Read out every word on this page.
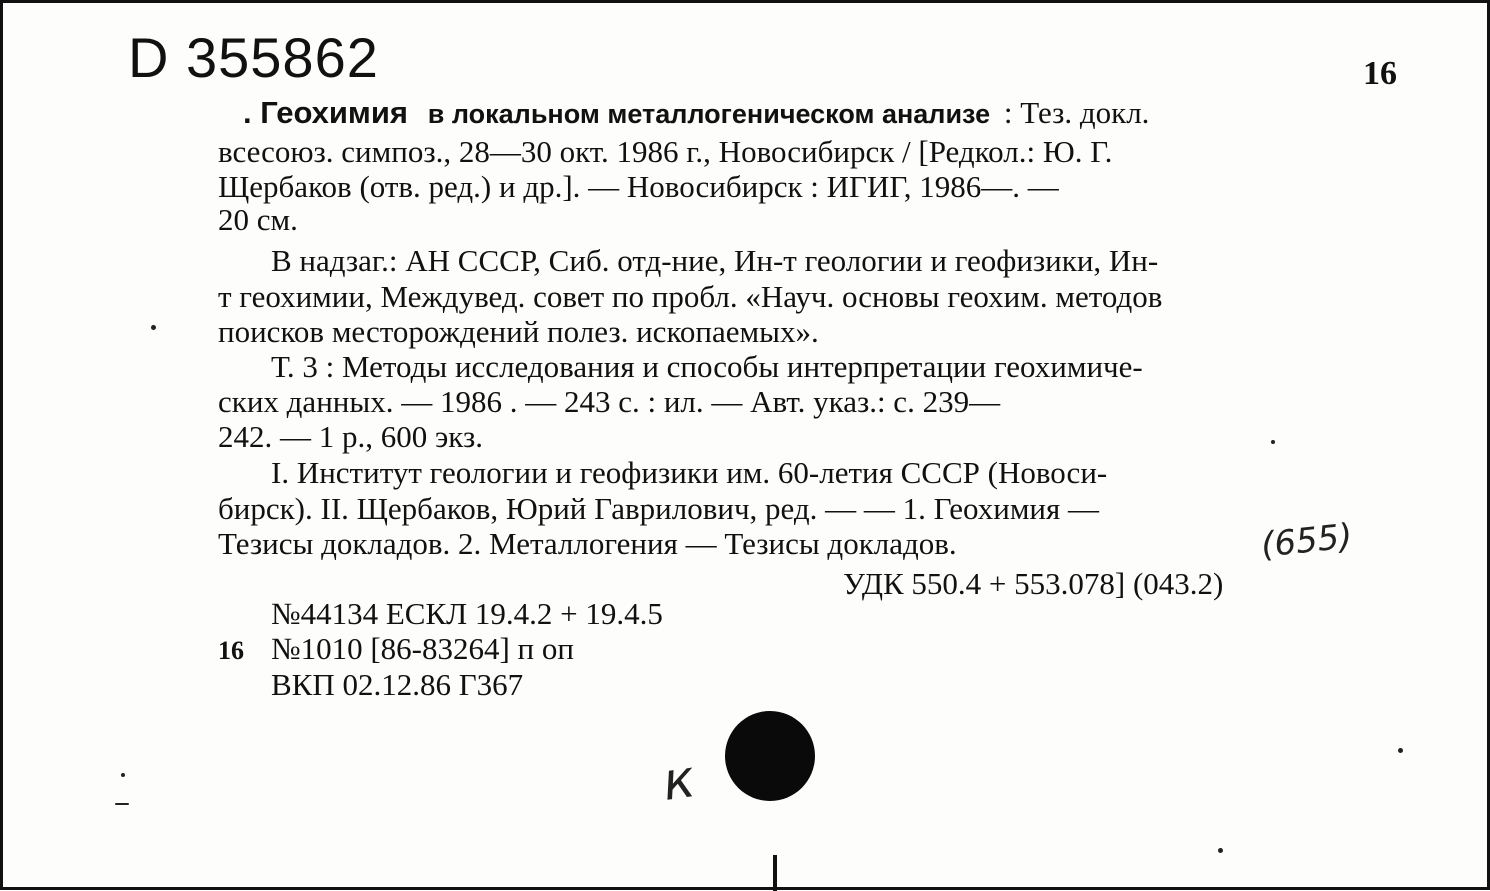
D 355862	16
. Геохимия в локальном металлогеническом анализе : Тез. докл.
всесоюз. симпоз., 28—30 окт. 1986 г., Новосибирск / [Редкол.: Ю. Г.
Щербаков (отв. ред.) и др.]. — Новосибирск : ИГИГ, 1986—. —
20 см.
В надзаг.: АН СССР, Сиб. отд-ние, Ин-т геологии и геофизики, Ин-
т геохимии, Междувед. совет по пробл. «Науч. основы геохим. методов
поисков месторождений полез. ископаемых».
Т. 3 : Методы исследования и способы интерпретации геохимиче-
ских данных. — 1986 . — 243 с. : ил. — Авт. указ.: с. 239—
242. — 1 р., 600 экз.
I. Институт геологии и геофизики им. 60-летия СССР (Новоси-
бирск). II. Щербаков, Юрий Гаврилович, ред. — — 1. Геохимия —
Тезисы докладов. 2. Металлогения — Тезисы докладов.
УДК 550.4 + 553.078] (043.2)
№44134 ЕСКЛ 19.4.2 + 19.4.5
16 №1010 [86-83264] п оп
ВКП 02.12.86 Г367
(655)
к
